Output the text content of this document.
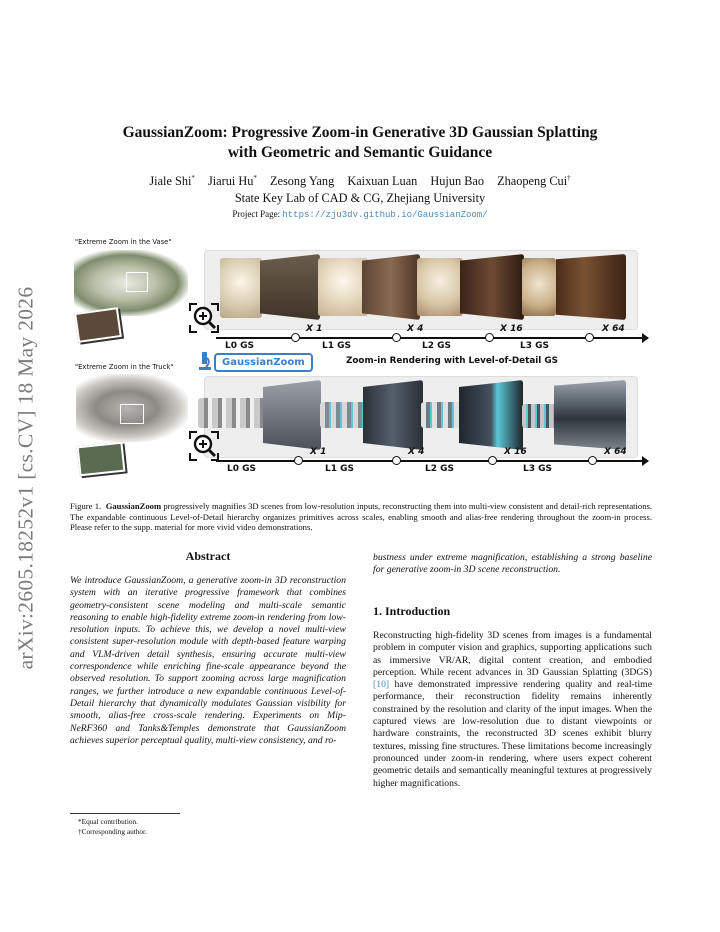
arXiv:2605.18252v1 [cs.CV] 18 May 2026
GaussianZoom: Progressive Zoom-in Generative 3D Gaussian Splatting
with Geometric and Semantic Guidance
Jiale Shi* Jiarui Hu* Zesong Yang Kaixuan Luan Hujun Bao Zhaopeng Cui†
State Key Lab of CAD & CG, Zhejiang University
Project Page: https://zju3dv.github.io/GaussianZoom/
"Extreme Zoom in the Vase"
X 1	X 4	X 16	X 64
L0 GS	L1 GS	L2 GS	L3 GS
GaussianZoom	Zoom-in Rendering with Level-of-Detail GS
"Extreme Zoom in the Truck"
X 1	X 4	X 16	X 64
L0 GS	L1 GS	L2 GS	L3 GS
Figure 1. GaussianZoom progressively magnifies 3D scenes from low-resolution inputs, reconstructing them into multi-view consistent and detail-rich representations. The expandable continuous Level-of-Detail hierarchy organizes primitives across scales, enabling smooth and alias-free rendering throughout the zoom-in process. Please refer to the supp. material for more vivid video demonstrations.
Abstract
We introduce GaussianZoom, a generative zoom-in 3D reconstruction system with an iterative progressive framework that combines geometry-consistent scene modeling and multi-scale semantic reasoning to enable high-fidelity extreme zoom-in rendering from low-resolution inputs. To achieve this, we develop a novel multi-view consistent super-resolution module with depth-based feature warping and VLM-driven detail synthesis, ensuring accurate multi-view correspondence while enriching fine-scale appearance beyond the observed resolution. To support zooming across large magnification ranges, we further introduce a new expandable continuous Level-of-Detail hierarchy that dynamically modulates Gaussian visibility for smooth, alias-free cross-scale rendering. Experiments on Mip-NeRF360 and Tanks&Temples demonstrate that GaussianZoom achieves superior perceptual quality, multi-view consistency, and ro-
bustness under extreme magnification, establishing a strong baseline for generative zoom-in 3D scene reconstruction.
1. Introduction
Reconstructing high-fidelity 3D scenes from images is a fundamental problem in computer vision and graphics, supporting applications such as immersive VR/AR, digital content creation, and embodied perception. While recent advances in 3D Gaussian Splatting (3DGS) [10] have demonstrated impressive rendering quality and real-time performance, their reconstruction fidelity remains inherently constrained by the resolution and clarity of the input images. When the captured views are low-resolution due to distant viewpoints or hardware constraints, the reconstructed 3D scenes exhibit blurry textures, missing fine structures. These limitations become increasingly pronounced under zoom-in rendering, where users expect coherent geometric details and semantically meaningful textures at progressively higher magnifications.
*Equal contribution.
†Corresponding author.
